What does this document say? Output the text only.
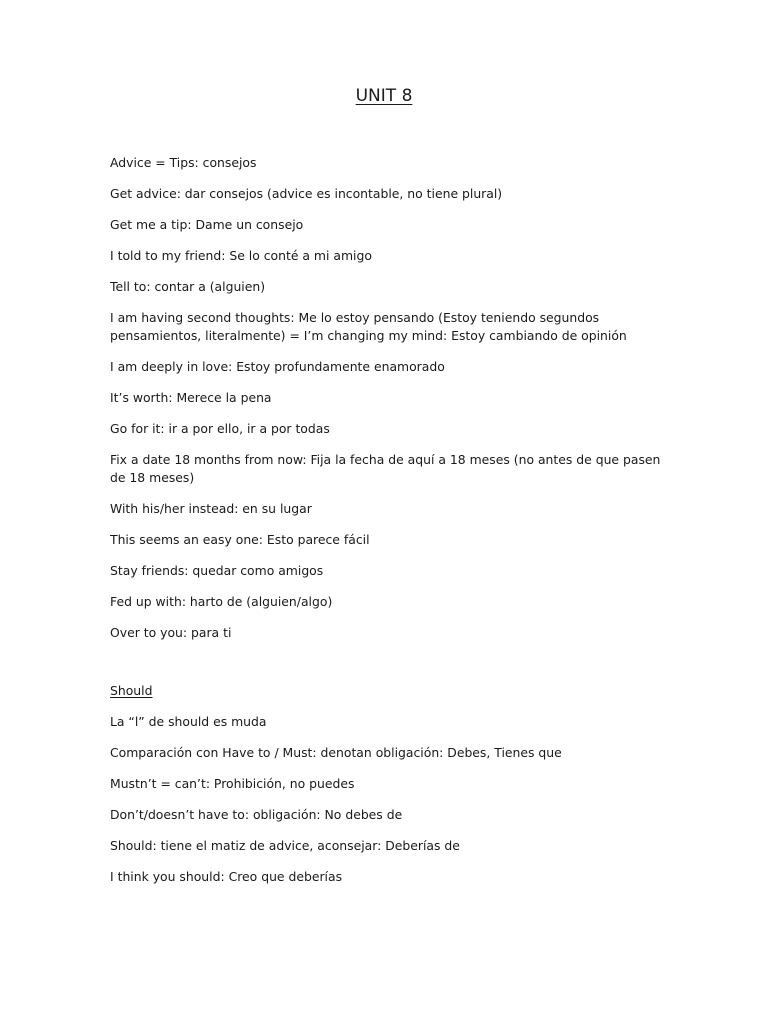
UNIT 8

Advice = Tips: consejos

Get advice: dar consejos (advice es incontable, no tiene plural)

Get me a tip: Dame un consejo

I told to my friend: Se lo conté a mi amigo

Tell to: contar a (alguien)

I am having second thoughts: Me lo estoy pensando (Estoy teniendo segundos pensamientos, literalmente) = I’m changing my mind: Estoy cambiando de opinión

I am deeply in love: Estoy profundamente enamorado

It’s worth: Merece la pena

Go for it: ir a por ello, ir a por todas

Fix a date 18 months from now: Fija la fecha de aquí a 18 meses (no antes de que pasen de 18 meses)

With his/her instead: en su lugar

This seems an easy one: Esto parece fácil

Stay friends: quedar como amigos

Fed up with: harto de (alguien/algo)

Over to you: para ti

Should

La “l” de should es muda

Comparación con Have to / Must: denotan obligación: Debes, Tienes que

Mustn’t = can’t: Prohibición, no puedes

Don’t/doesn’t have to: obligación: No debes de

Should: tiene el matiz de advice, aconsejar: Deberías de

I think you should: Creo que deberías
